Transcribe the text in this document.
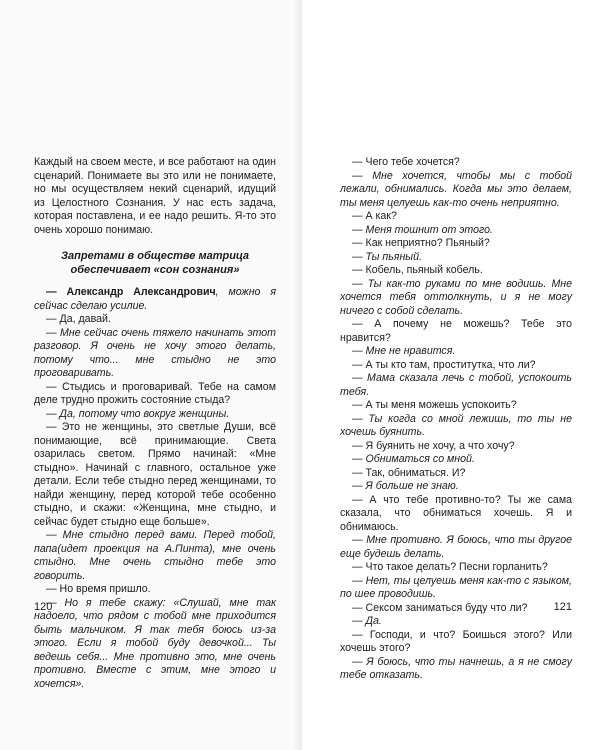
Каждый на своем месте, и все работают на один сценарий. Понимаете вы это или не понимаете, но мы осуществляем некий сценарий, идущий из Целостного Сознания. У нас есть задача, которая поставлена, и ее надо решить. Я-то это очень хорошо понимаю.

Запретами в обществе матрица
обеспечивает «сон сознания»

— Александр Александрович, можно я сейчас сделаю усилие.

— Да, давай.

— Мне сейчас очень тяжело начинать этот разговор. Я очень не хочу этого делать, потому что... мне стыдно не это проговаривать.

— Стыдись и проговаривай. Тебе на самом деле трудно прожить состояние стыда?

— Да, потому что вокруг женщины.

— Это не женщины, это светлые Души, всё понимающие, всё принимающие. Света озарилась светом. Прямо начинай: «Мне стыдно». Начинай с главного, остальное уже детали. Если тебе стыдно перед женщинами, то найди женщину, перед которой тебе особенно стыдно, и скажи: «Женщина, мне стыдно, и сейчас будет стыдно еще больше».

— Мне стыдно перед вами. Перед тобой, папа(идет проекция на А.Пинта), мне очень стыдно. Мне очень стыдно тебе это говорить.

— Но время пришло.

— Но я тебе скажу: «Слушай, мне так надоело, что рядом с тобой мне приходится быть мальчиком. Я так тебя боюсь из-за этого. Если я тобой буду девочкой... Ты ведешь себя... Мне противно это, мне очень противно. Вместе с этим, мне этого и хочется».

120

— Чего тебе хочется?

— Мне хочется, чтобы мы с тобой лежали, обнимались. Когда мы это делаем, ты меня целуешь как-то очень неприятно.

— А как?

— Меня тошнит от этого.

— Как неприятно? Пьяный?

— Ты пьяный.

— Кобель, пьяный кобель.

— Ты как-то руками по мне водишь. Мне хочется тебя оттолкнуть, и я не могу ничего с собой сделать.

— А почему не можешь? Тебе это нравится?

— Мне не нравится.

— А ты кто там, проститутка, что ли?

— Мама сказала лечь с тобой, успокоить тебя.

— А ты меня можешь успокоить?

— Ты когда со мной лежишь, то ты не хочешь буянить.

— Я буянить не хочу, а что хочу?

— Обниматься со мной.

— Так, обниматься. И?

— Я больше не знаю.

— А что тебе противно-то? Ты же сама сказала, что обниматься хочешь. Я и обнимаюсь.

— Мне противно. Я боюсь, что ты другое еще будешь делать.

— Что такое делать? Песни горланить?

— Нет, ты целуешь меня как-то с языком, по шее проводишь.

— Сексом заниматься буду что ли?

— Да.

— Господи, и что? Боишься этого? Или хочешь этого?

— Я боюсь, что ты начнешь, а я не смогу тебе отказать.

121
